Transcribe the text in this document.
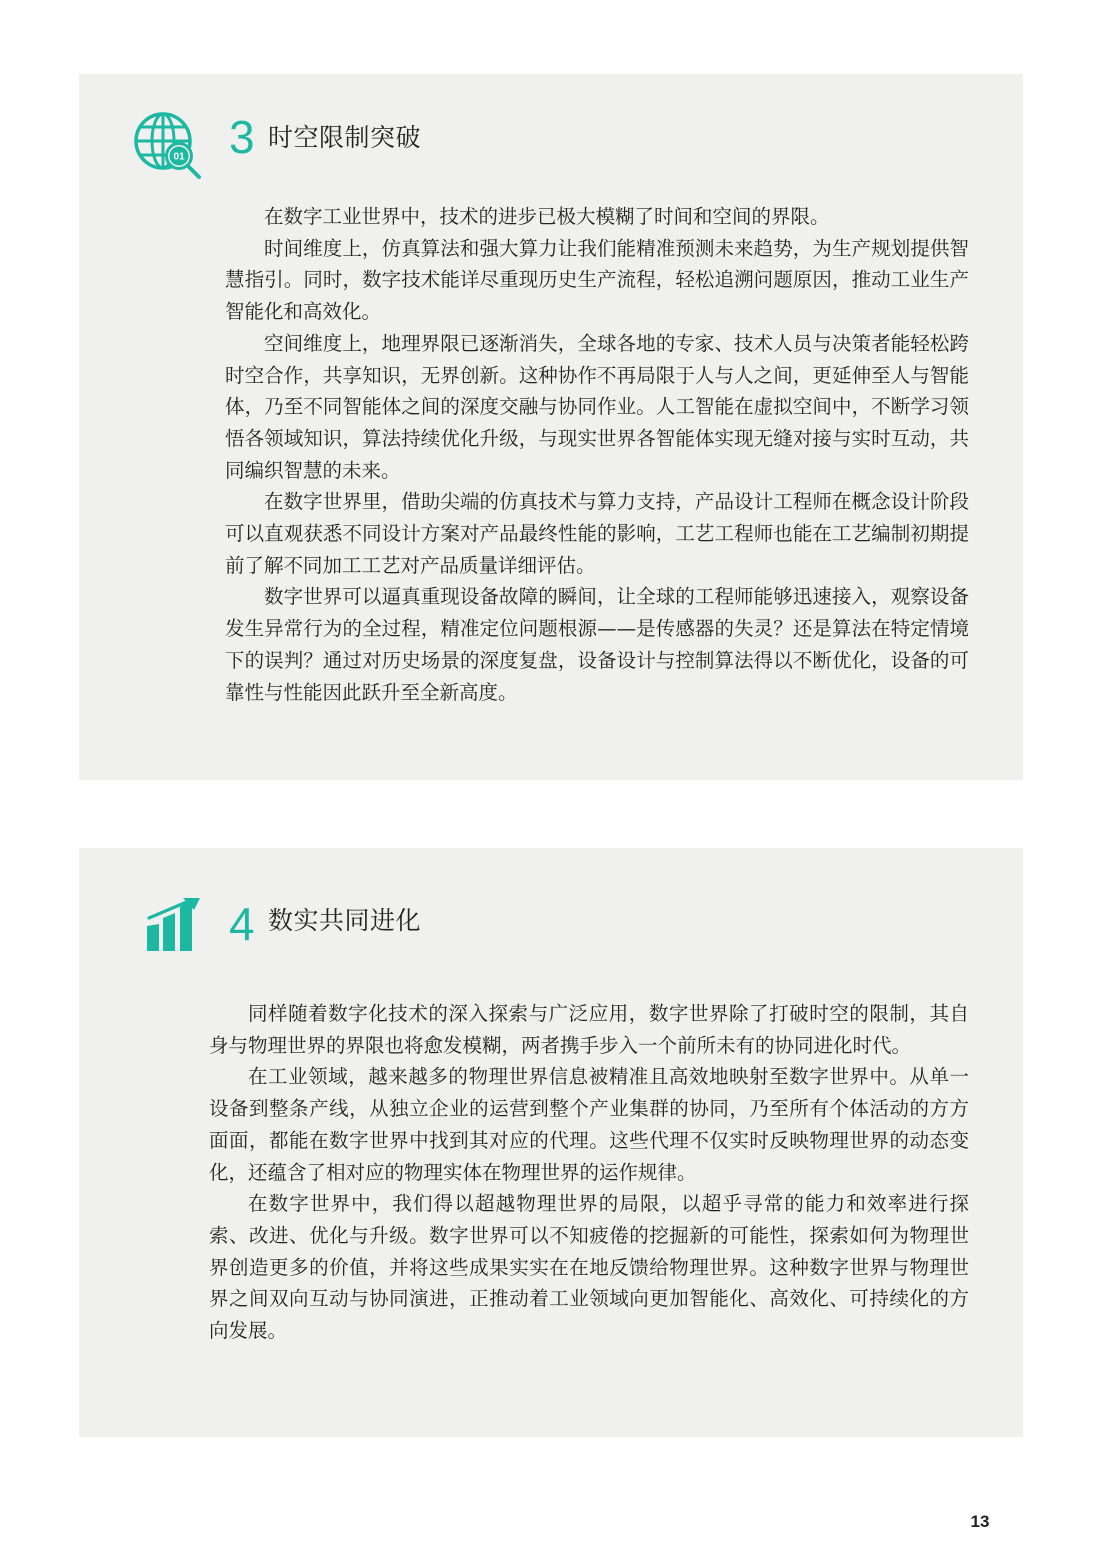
01 3 时空限制突破

在数字工业世界中，技术的进步已极大模糊了时间和空间的界限。

时间维度上，仿真算法和强大算力让我们能精准预测未来趋势，为生产规划提供智慧指引。同时，数字技术能详尽重现历史生产流程，轻松追溯问题原因，推动工业生产智能化和高效化。

空间维度上，地理界限已逐渐消失，全球各地的专家、技术人员与决策者能轻松跨时空合作，共享知识，无界创新。这种协作不再局限于人与人之间，更延伸至人与智能体，乃至不同智能体之间的深度交融与协同作业。人工智能在虚拟空间中，不断学习领悟各领域知识，算法持续优化升级，与现实世界各智能体实现无缝对接与实时互动，共同编织智慧的未来。

在数字世界里，借助尖端的仿真技术与算力支持，产品设计工程师在概念设计阶段可以直观获悉不同设计方案对产品最终性能的影响，工艺工程师也能在工艺编制初期提前了解不同加工工艺对产品质量详细评估。

数字世界可以逼真重现设备故障的瞬间，让全球的工程师能够迅速接入，观察设备发生异常行为的全过程，精准定位问题根源——是传感器的失灵？还是算法在特定情境下的误判？通过对历史场景的深度复盘，设备设计与控制算法得以不断优化，设备的可靠性与性能因此跃升至全新高度。

4 数实共同进化

同样随着数字化技术的深入探索与广泛应用，数字世界除了打破时空的限制，其自身与物理世界的界限也将愈发模糊，两者携手步入一个前所未有的协同进化时代。

在工业领域，越来越多的物理世界信息被精准且高效地映射至数字世界中。从单一设备到整条产线，从独立企业的运营到整个产业集群的协同，乃至所有个体活动的方方面面，都能在数字世界中找到其对应的代理。这些代理不仅实时反映物理世界的动态变化，还蕴含了相对应的物理实体在物理世界的运作规律。

在数字世界中，我们得以超越物理世界的局限，以超乎寻常的能力和效率进行探索、改进、优化与升级。数字世界可以不知疲倦的挖掘新的可能性，探索如何为物理世界创造更多的价值，并将这些成果实实在在地反馈给物理世界。这种数字世界与物理世界之间双向互动与协同演进，正推动着工业领域向更加智能化、高效化、可持续化的方向发展。

13
